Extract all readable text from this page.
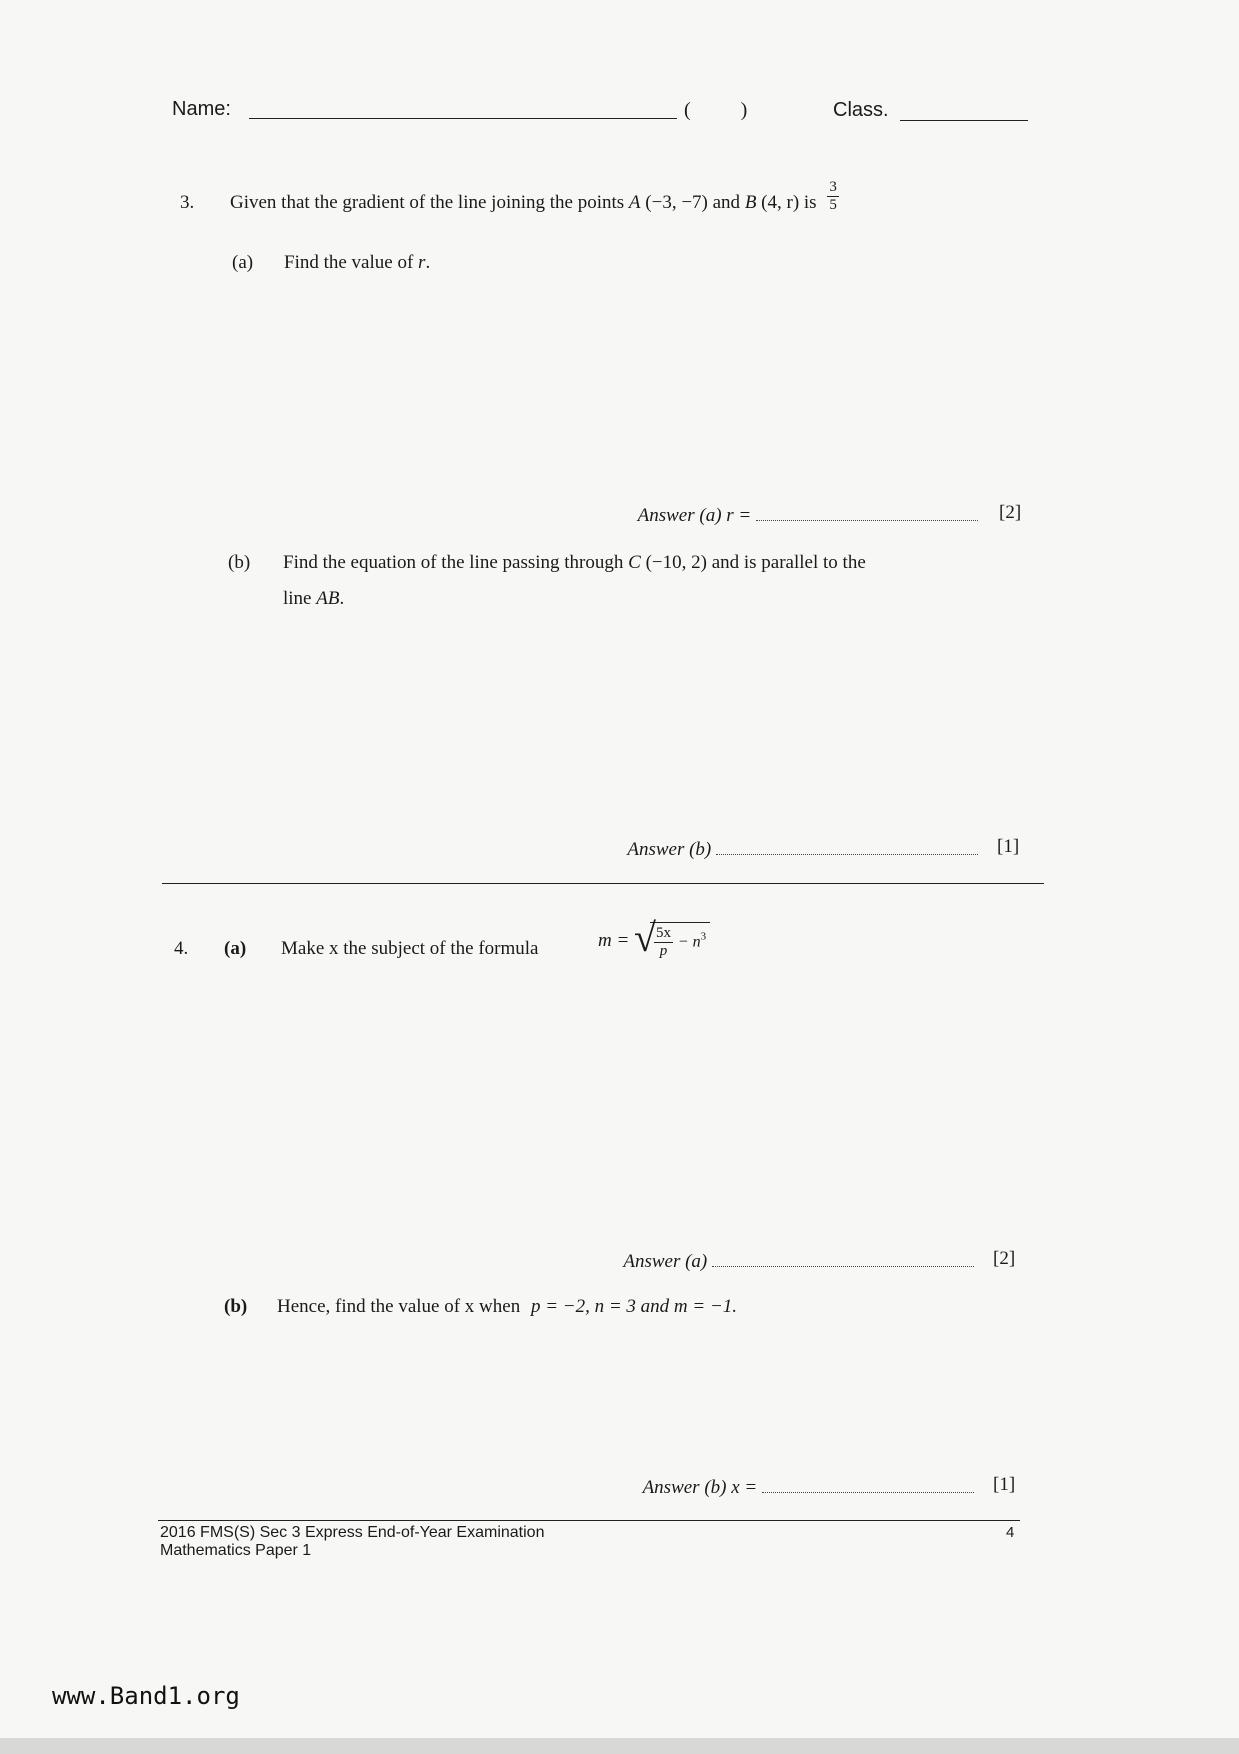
Name:	(          )	Class.
3. Given that the gradient of the line joining the points A (−3, −7) and B (4, r) is $\frac{3}{5}$
(a) Find the value of r.
Answer (a) r =	[2]
(b) Find the equation of the line passing through C (−10, 2) and is parallel to the
line AB.
Answer (b)	[1]
4. (a) Make x the subject of the formula	m = √
$\frac{5x}{p} - n^3$
Answer (a)	[2]
(b) Hence, find the value of x when p = −2, n = 3 and m = −1.
Answer (b) x =	[1]
2016 FMS(S) Sec 3 Express End-of-Year Examination
Mathematics Paper 1
4
www.Band1.org
